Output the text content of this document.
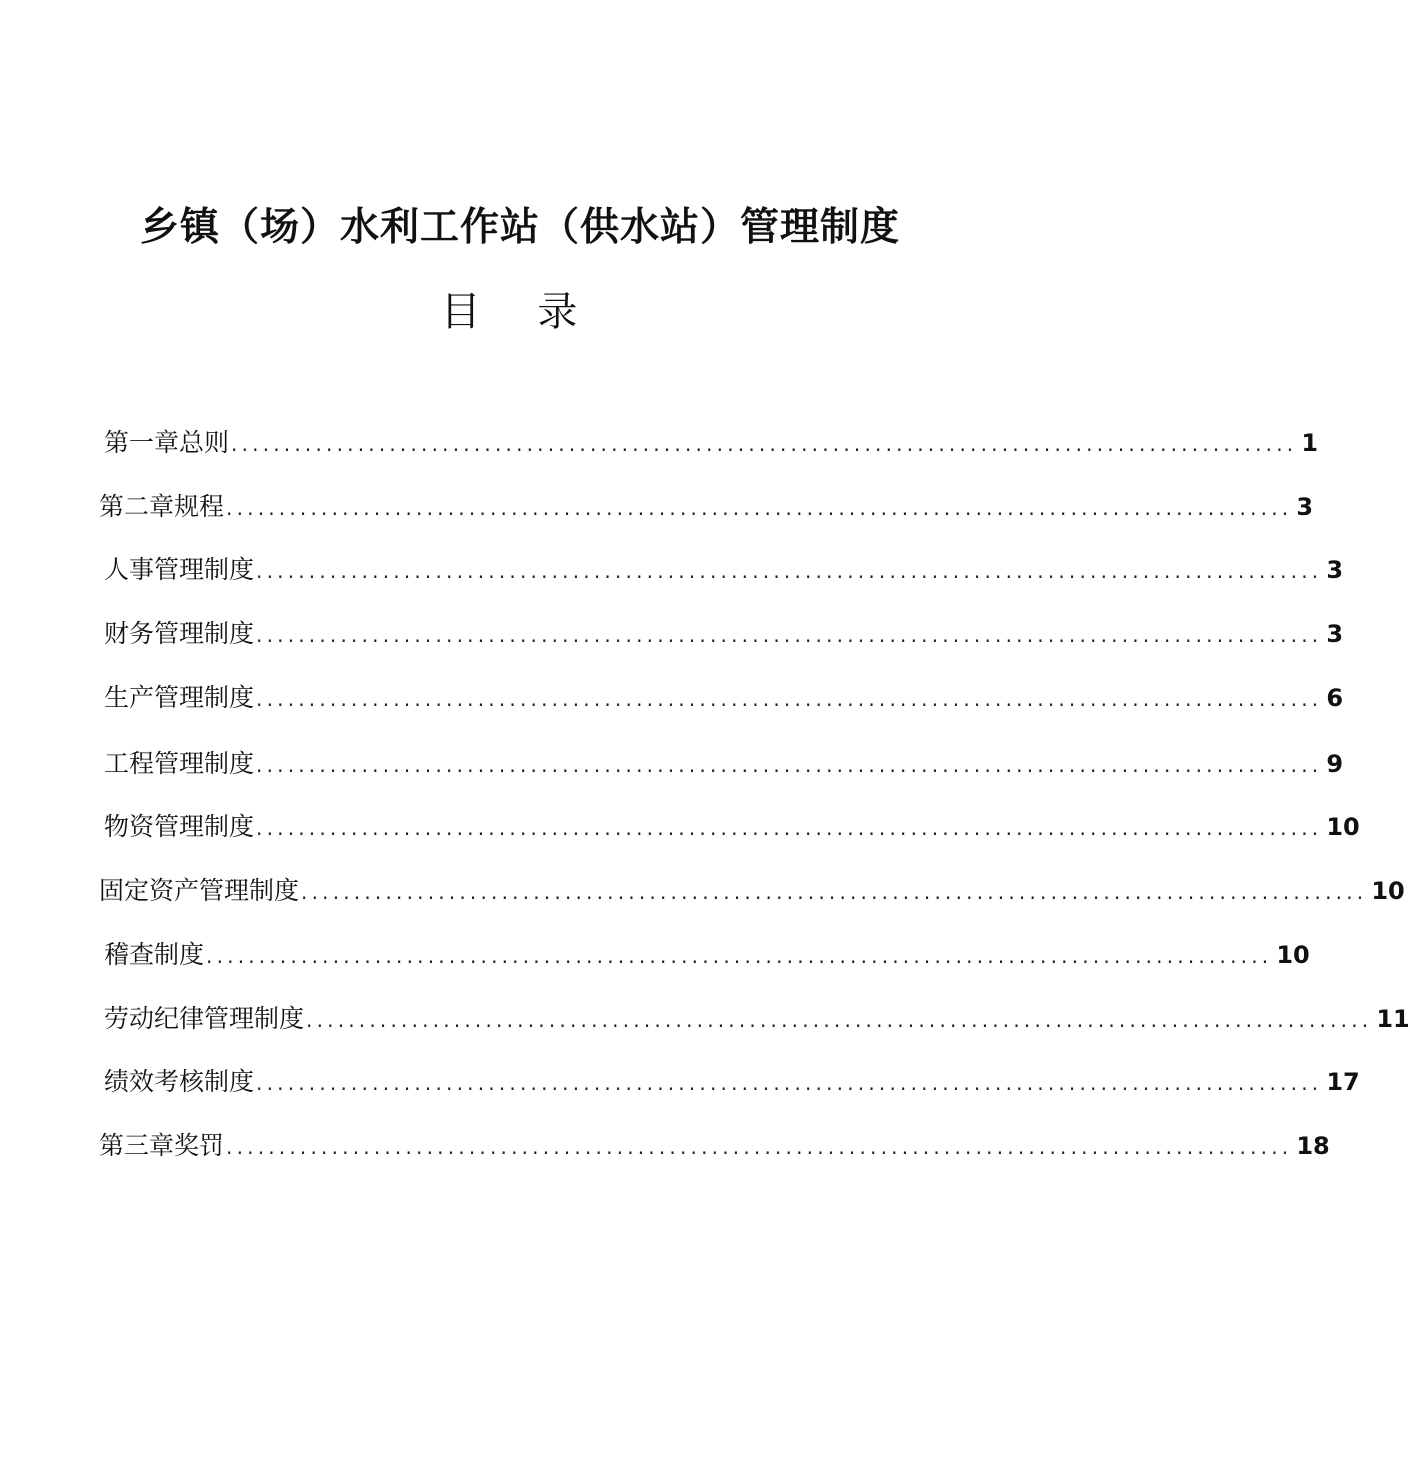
乡镇（场）水利工作站（供水站）管理制度
目 录
第一章总则 ..................................................................................................... 1
第二章规程 ..................................................................................................... 3
人事管理制度 ..................................................................................................... 3
财务管理制度 ..................................................................................................... 3
生产管理制度 ..................................................................................................... 6
工程管理制度 ..................................................................................................... 9
物资管理制度 ..................................................................................................... 10
固定资产管理制度 ..................................................................................................... 10
稽查制度 ..................................................................................................... 10
劳动纪律管理制度 ..................................................................................................... 11
绩效考核制度 ..................................................................................................... 17
第三章奖罚 ..................................................................................................... 18
